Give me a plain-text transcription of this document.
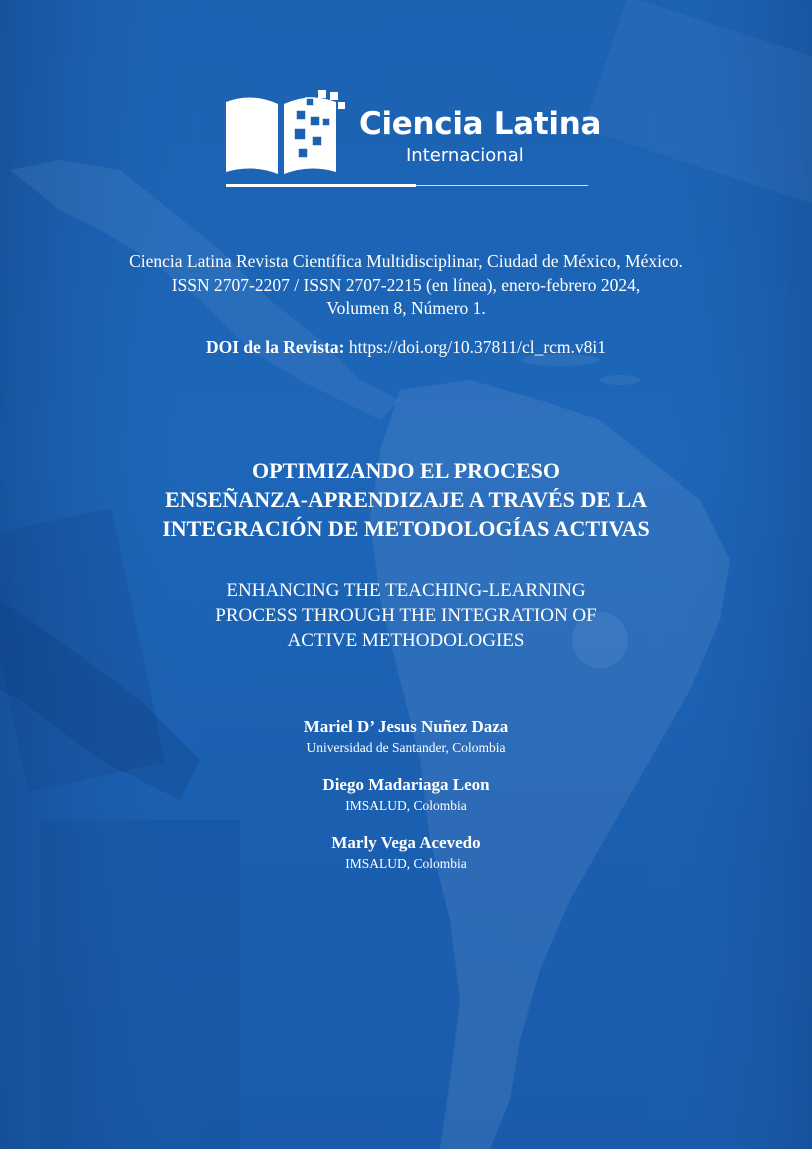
Ciencia Latina
Internacional
Ciencia Latina Revista Científica Multidisciplinar, Ciudad de México, México.
ISSN 2707-2207 / ISSN 2707-2215 (en línea), enero-febrero 2024,
Volumen 8, Número 1.
DOI de la Revista: https://doi.org/10.37811/cl_rcm.v8i1
OPTIMIZANDO EL PROCESO
ENSEÑANZA-APRENDIZAJE A TRAVÉS DE LA
INTEGRACIÓN DE METODOLOGÍAS ACTIVAS
ENHANCING THE TEACHING-LEARNING
PROCESS THROUGH THE INTEGRATION OF
ACTIVE METHODOLOGIES
Mariel D’ Jesus Nuñez Daza
Universidad de Santander, Colombia
Diego Madariaga Leon
IMSALUD, Colombia
Marly Vega Acevedo
IMSALUD, Colombia
